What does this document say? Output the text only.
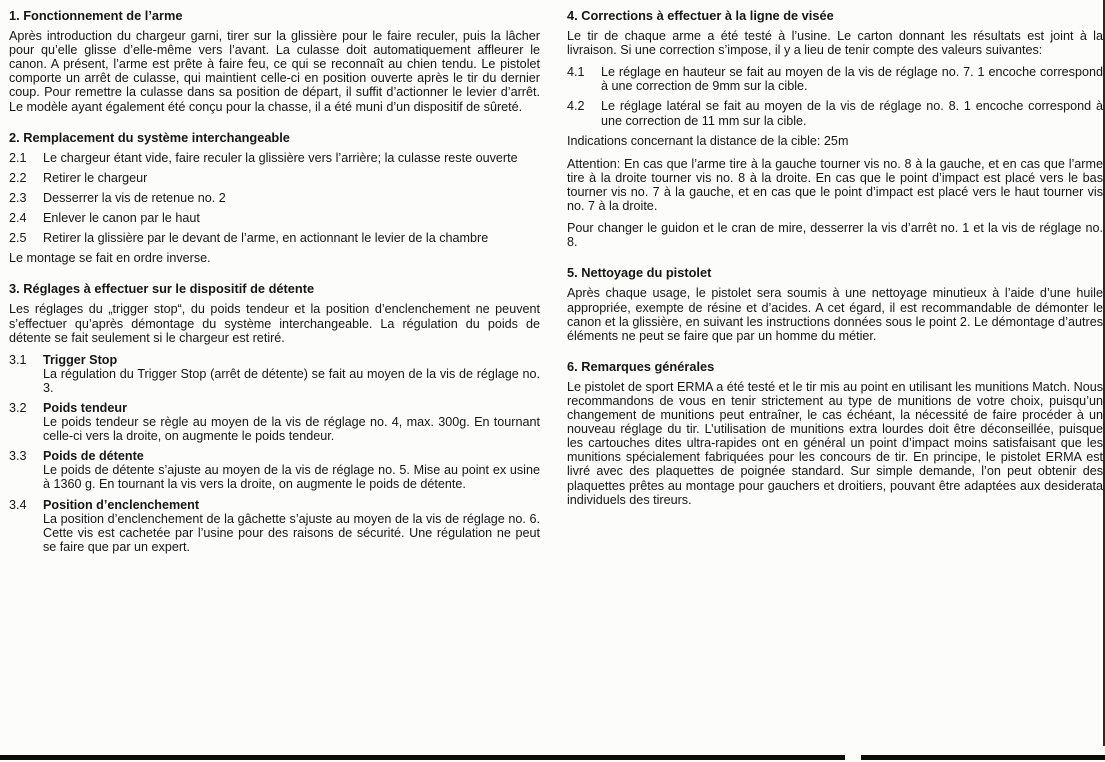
1. Fonctionnement de l’arme

Après introduction du chargeur garni, tirer sur la glissière pour le faire reculer, puis la lâcher pour qu’elle glisse d’elle-même vers l’avant. La culasse doit automatiquement affleurer le canon. A présent, l’arme est prête à faire feu, ce qui se reconnaît au chien tendu. Le pistolet comporte un arrêt de culasse, qui maintient celle-ci en position ouverte après le tir du dernier coup. Pour remettre la culasse dans sa position de départ, il suffit d’actionner le levier d’arrêt. Le modèle ayant également été conçu pour la chasse, il a été muni d’un dispositif de sûreté.

2. Remplacement du système interchangeable
2.1	Le chargeur étant vide, faire reculer la glissière vers l’arrière; la culasse reste ouverte
2.2	Retirer le chargeur
2.3	Desserrer la vis de retenue no. 2
2.4	Enlever le canon par le haut
2.5	Retirer la glissière par le devant de l’arme, en actionnant le levier de la chambre

Le montage se fait en ordre inverse.

3. Réglages à effectuer sur le dispositif de détente

Les réglages du „trigger stop“, du poids tendeur et la position d’enclenchement ne peuvent s’effectuer qu’après démontage du système interchangeable. La régulation du poids de détente se fait seulement si le chargeur est retiré.

3.1	Trigger Stop
La régulation du Trigger Stop (arrêt de détente) se fait au moyen de la vis de réglage no. 3.
3.2	Poids tendeur
Le poids tendeur se règle au moyen de la vis de réglage no. 4, max. 300g. En tournant celle-ci vers la droite, on augmente le poids tendeur.
3.3	Poids de détente
Le poids de détente s’ajuste au moyen de la vis de réglage no. 5. Mise au point ex usine à 1360 g. En tournant la vis vers la droite, on augmente le poids de détente.
3.4	Position d’enclenchement
La position d’enclenchement de la gâchette s’ajuste au moyen de la vis de réglage no. 6. Cette vis est cachetée par l’usine pour des raisons de sécurité. Une régulation ne peut se faire que par un expert.
4. Corrections à effectuer à la ligne de visée

Le tir de chaque arme a été testé à l’usine. Le carton donnant les résultats est joint à la livraison. Si une correction s’impose, il y a lieu de tenir compte des valeurs suivantes:

4.1	Le réglage en hauteur se fait au moyen de la vis de réglage no. 7. 1 encoche correspond à une correction de 9mm sur la cible.
4.2	Le réglage latéral se fait au moyen de la vis de réglage no. 8. 1 encoche correspond à une correction de 11 mm sur la cible.

Indications concernant la distance de la cible: 25m

Attention: En cas que l’arme tire à la gauche tourner vis no. 8 à la gauche, et en cas que l’arme tire à la droite tourner vis no. 8 à la droite. En cas que le point d’impact est placé vers le bas tourner vis no. 7 à la gauche, et en cas que le point d’impact est placé vers le haut tourner vis no. 7 à la droite.

Pour changer le guidon et le cran de mire, desserrer la vis d’arrêt no. 1 et la vis de réglage no. 8.

5. Nettoyage du pistolet

Après chaque usage, le pistolet sera soumis à une nettoyage minutieux à l’aide d’une huile appropriée, exempte de résine et d’acides. A cet égard, il est recommandable de démonter le canon et la glissière, en suivant les instructions données sous le point 2. Le démontage d’autres éléments ne peut se faire que par un homme du métier.

6. Remarques générales

Le pistolet de sport ERMA a été testé et le tir mis au point en utilisant les munitions Match. Nous recommandons de vous en tenir strictement au type de munitions de votre choix, puisqu’un changement de munitions peut entraîner, le cas échéant, la nécessité de faire procéder à un nouveau réglage du tir. L’utilisation de munitions extra lourdes doit être déconseillée, puisque les cartouches dites ultra-rapides ont en général un point d’impact moins satisfaisant que les munitions spécialement fabriquées pour les concours de tir. En principe, le pistolet ERMA est livré avec des plaquettes de poignée standard. Sur simple demande, l’on peut obtenir des plaquettes prêtes au montage pour gauchers et droitiers, pouvant être adaptées aux desiderata individuels des tireurs.
